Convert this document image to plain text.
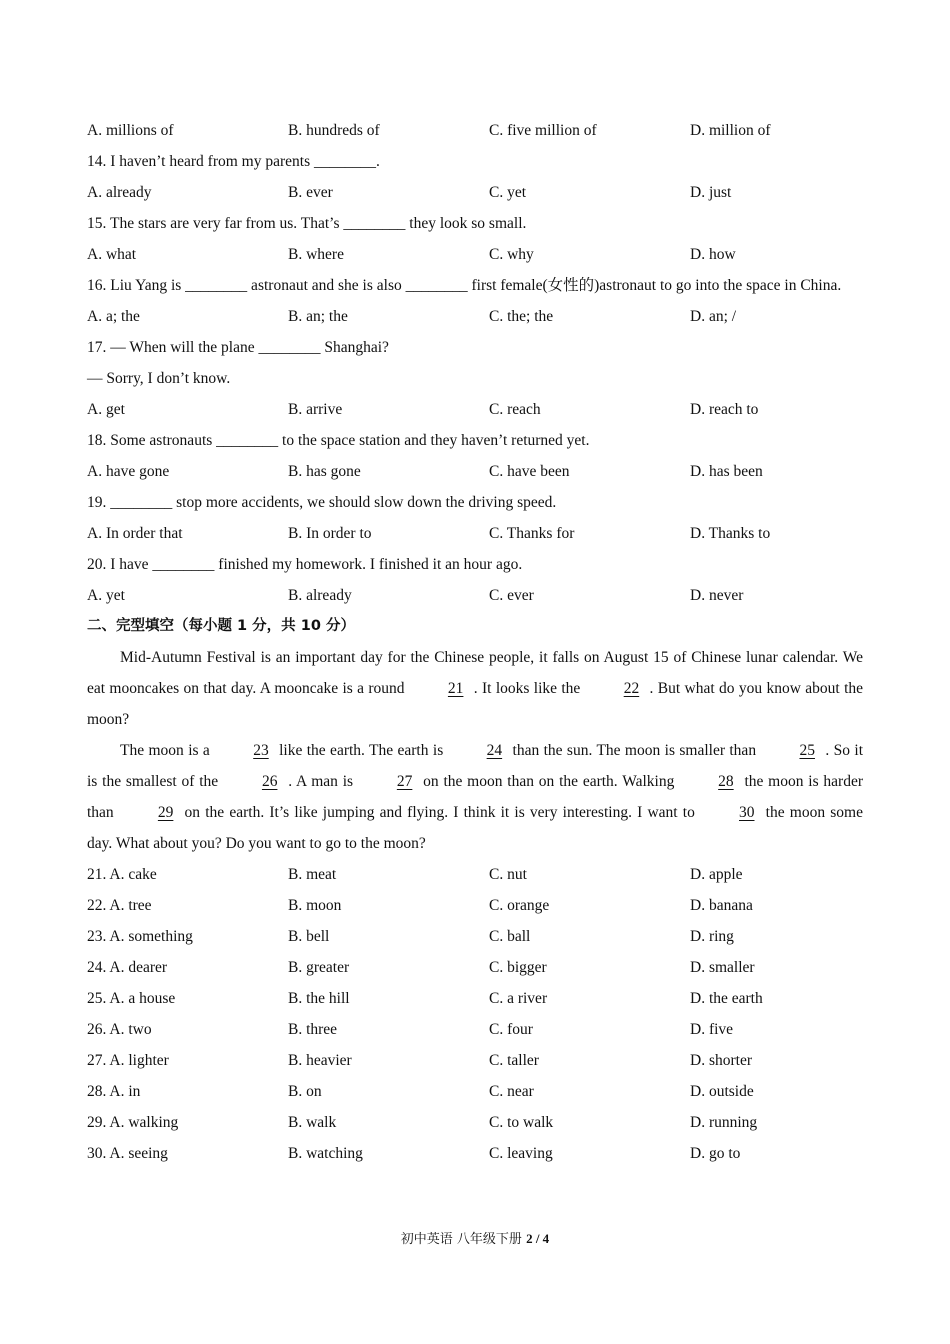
A. millions of	B. hundreds of	C. five million of	D. million of
14. I haven’t heard from my parents ________.
A. already	B. ever	C. yet	D. just
15. The stars are very far from us. That’s ________ they look so small.
A. what	B. where	C. why	D. how
16. Liu Yang is ________ astronaut and she is also ________ first female(女性的)astronaut to go into the space in China.
A. a; the	B. an; the	C. the; the	D. an; /
17. — When will the plane ________ Shanghai?
— Sorry, I don’t know.
A. get	B. arrive	C. reach	D. reach to
18. Some astronauts ________ to the space station and they haven’t returned yet.
A. have gone	B. has gone	C. have been	D. has been
19. ________ stop more accidents, we should slow down the driving speed.
A. In order that	B. In order to	C. Thanks for	D. Thanks to
20. I have ________ finished my homework. I finished it an hour ago.
A. yet	B. already	C. ever	D. never
二、完型填空（每小题 1 分，共 10 分）
Mid-Autumn Festival is an important day for the Chinese people, it falls on August 15 of Chinese lunar calendar. We eat mooncakes on that day. A mooncake is a round	21 . It looks like the	22 . But what do you know about the moon?
The moon is a	23 like the earth. The earth is	24 than the sun. The moon is smaller than	25 . So it is the smallest of the	26 . A man is	27 on the moon than on the earth. Walking	28 the moon is harder than	29 on the earth. It’s like jumping and flying. I think it is very interesting. I want to	30 the moon some day. What about you? Do you want to go to the moon?
21. A. cake	B. meat	C. nut	D. apple
22. A. tree	B. moon	C. orange	D. banana
23. A. something	B. bell	C. ball	D. ring
24. A. dearer	B. greater	C. bigger	D. smaller
25. A. a house	B. the hill	C. a river	D. the earth
26. A. two	B. three	C. four	D. five
27. A. lighter	B. heavier	C. taller	D. shorter
28. A. in	B. on	C. near	D. outside
29. A. walking	B. walk	C. to walk	D. running
30. A. seeing	B. watching	C. leaving	D. go to
初中英语 八年级下册 2 / 4
